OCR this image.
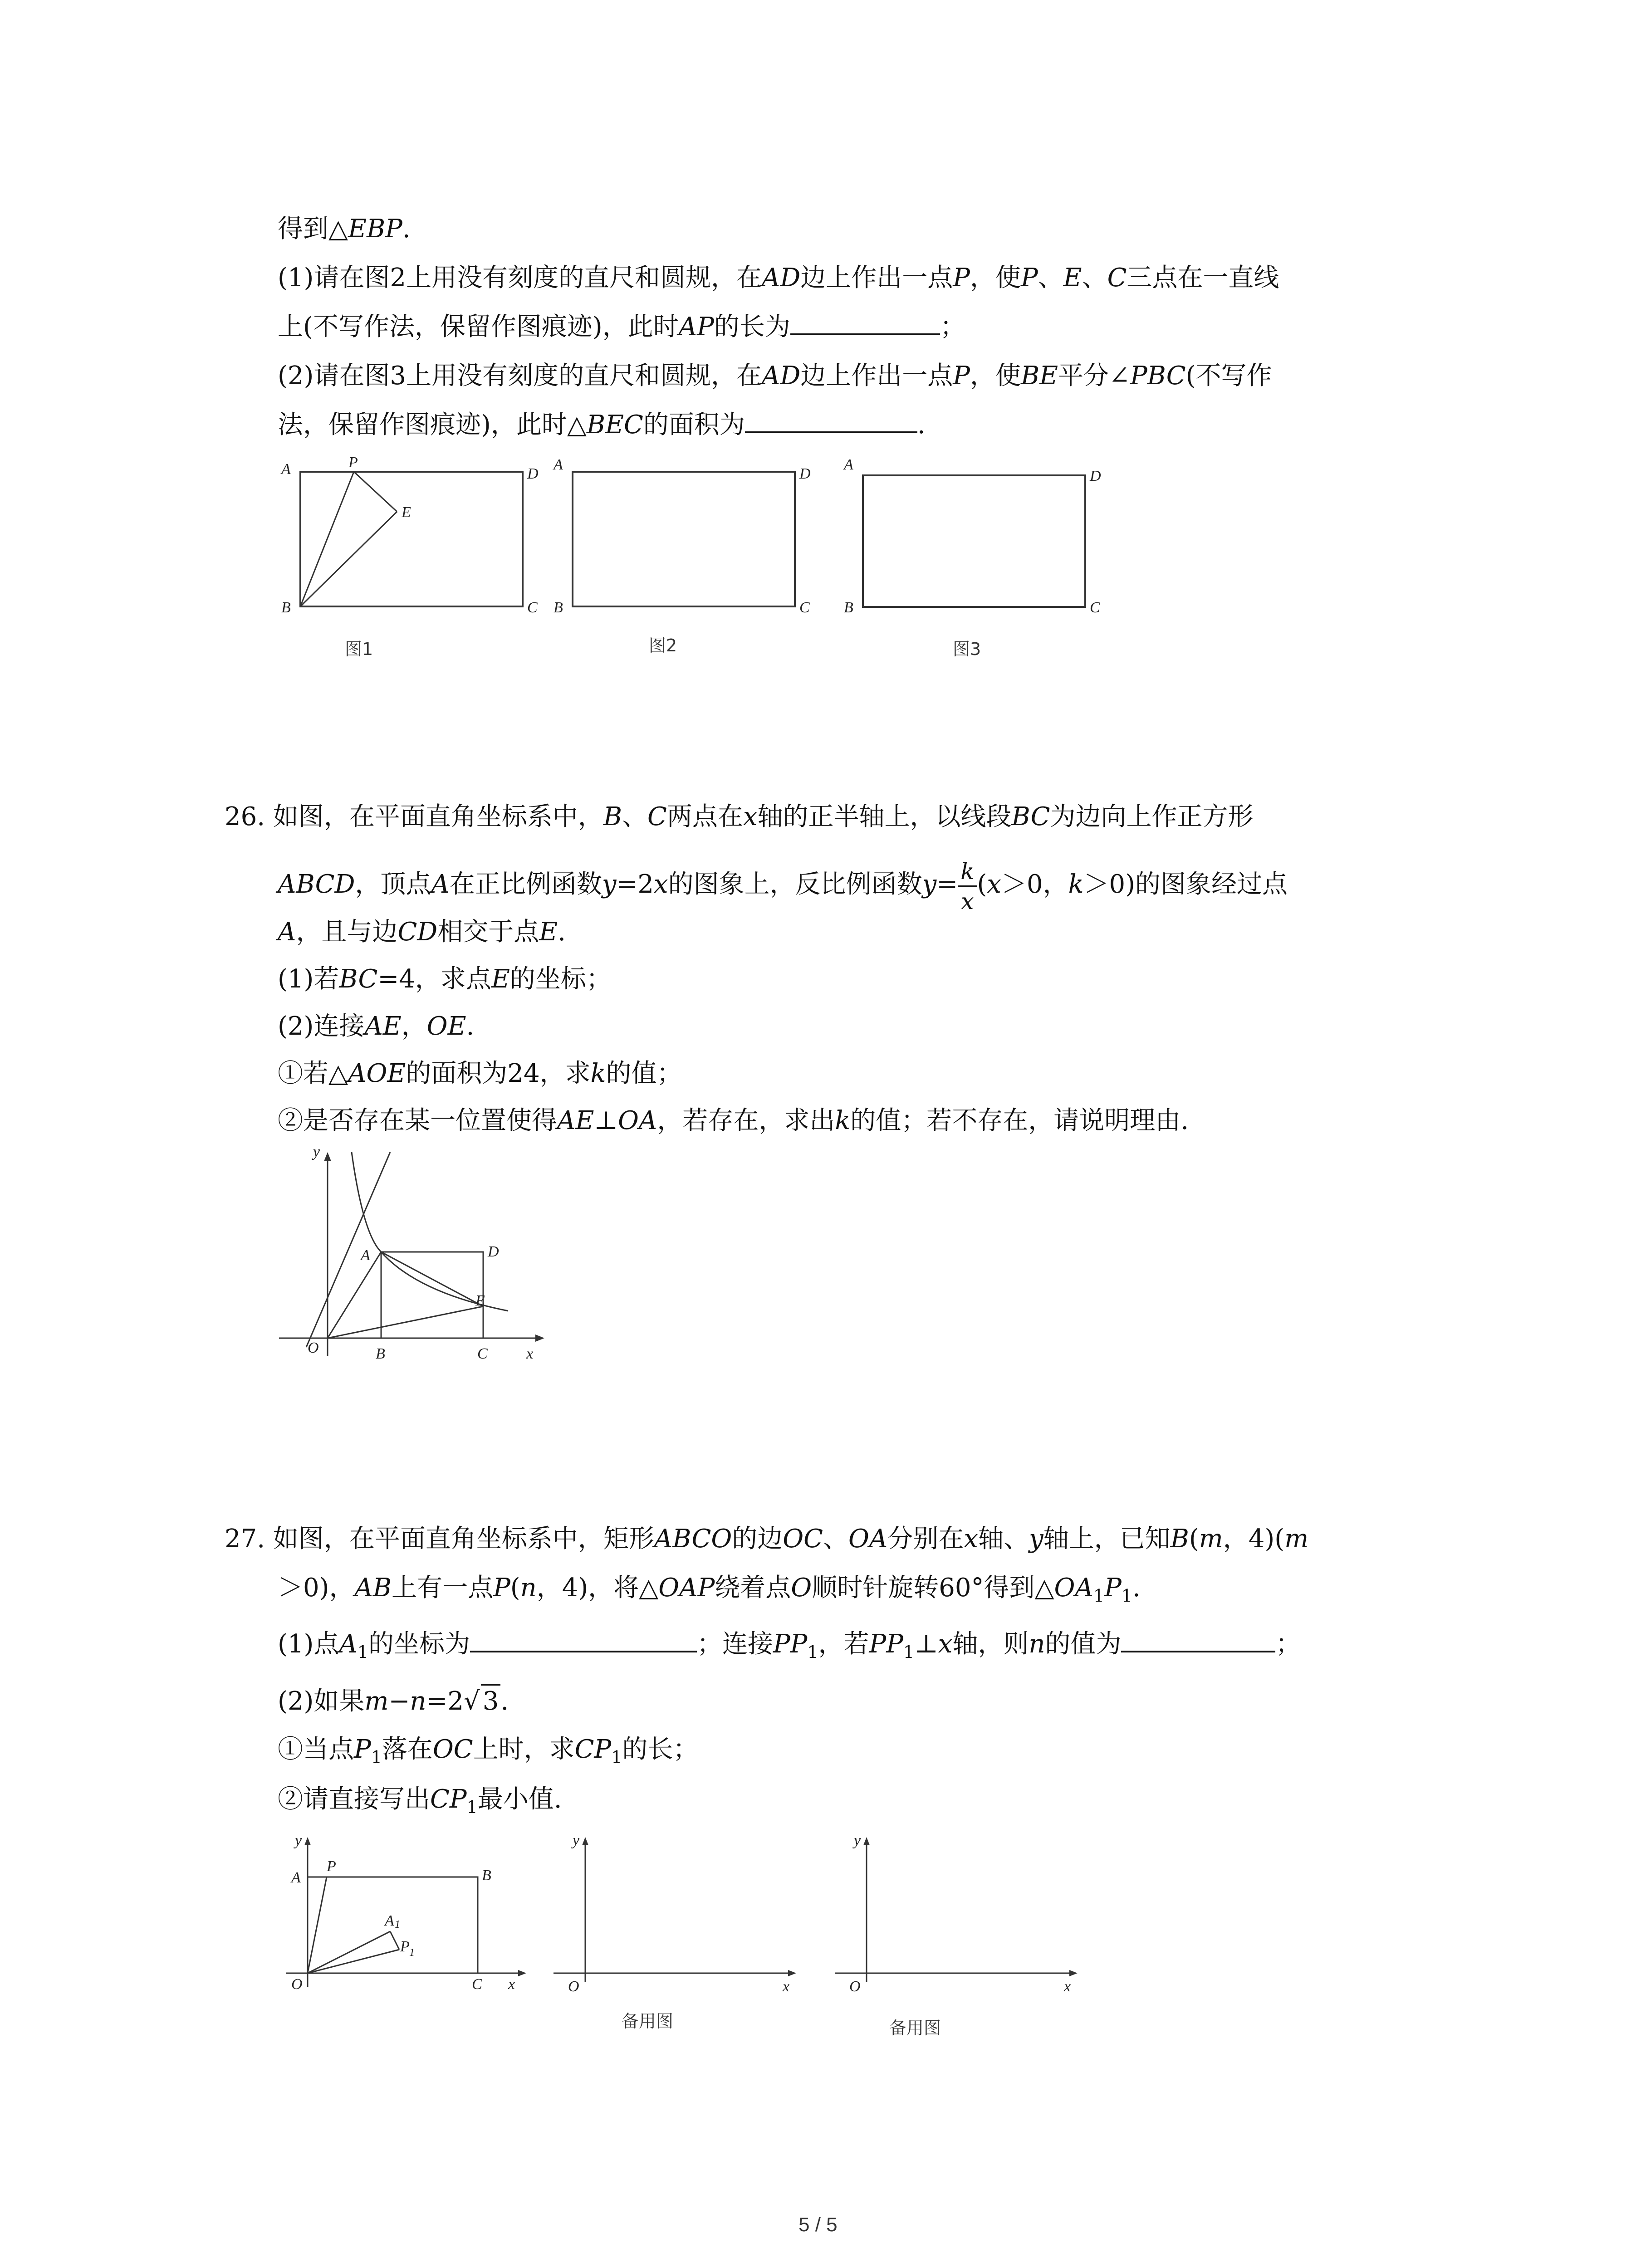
得到△EBP.
(1)请在图2上用没有刻度的直尺和圆规，在AD边上作出一点P，使P、E、C三点在一直线
上(不写作法，保留作图痕迹)，此时AP的长为	；
(2)请在图3上用没有刻度的直尺和圆规，在AD边上作出一点P，使BE平分∠PBC(不写作
法，保留作图痕迹)，此时△BEC的面积为	.
A	P
D
E
B	C
图1
A
D
B	C
图2
A
D
B	C
图3
26. 如图，在平面直角坐标系中，B、C两点在x轴的正半轴上，以线段BC为边向上作正方形
ABCD，顶点A在正比例函数y=2x的图象上，反比例函数$y= \frac{k}{x} (x>0$，k＞0)的图象经过点
A，且与边CD相交于点E.
(1)若BC=4，求点E的坐标；
(2)连接AE，OE.
①若△AOE的面积为24，求k的值；
②是否存在某一位置使得AE⊥OA，若存在，求出k的值；若不存在，请说明理由.
y
x
O
A
B	C
D
E
27. 如图，在平面直角坐标系中，矩形ABCO的边OC、OA分别在x轴、y轴上，已知B(m，4)(m
＞0)，AB上有一点P(n，4)，将△OAP绕着点O顺时针旋转60°得到$\triangle OA_1P_1$.
(1)点$A_1$的坐标为	；连接$PP_1$，若$PP_1\perp x$轴，则n的值为	；
(2)如果m−n=2√ 3.
①当点$P_1$落在OC上时，求$CP_1$的长；
②请直接写出$CP_1$最小值.
y
x
O
A
P
B
C
A 1
P 1
y
x
O
备用图
y
x
O
备用图
5 / 5
